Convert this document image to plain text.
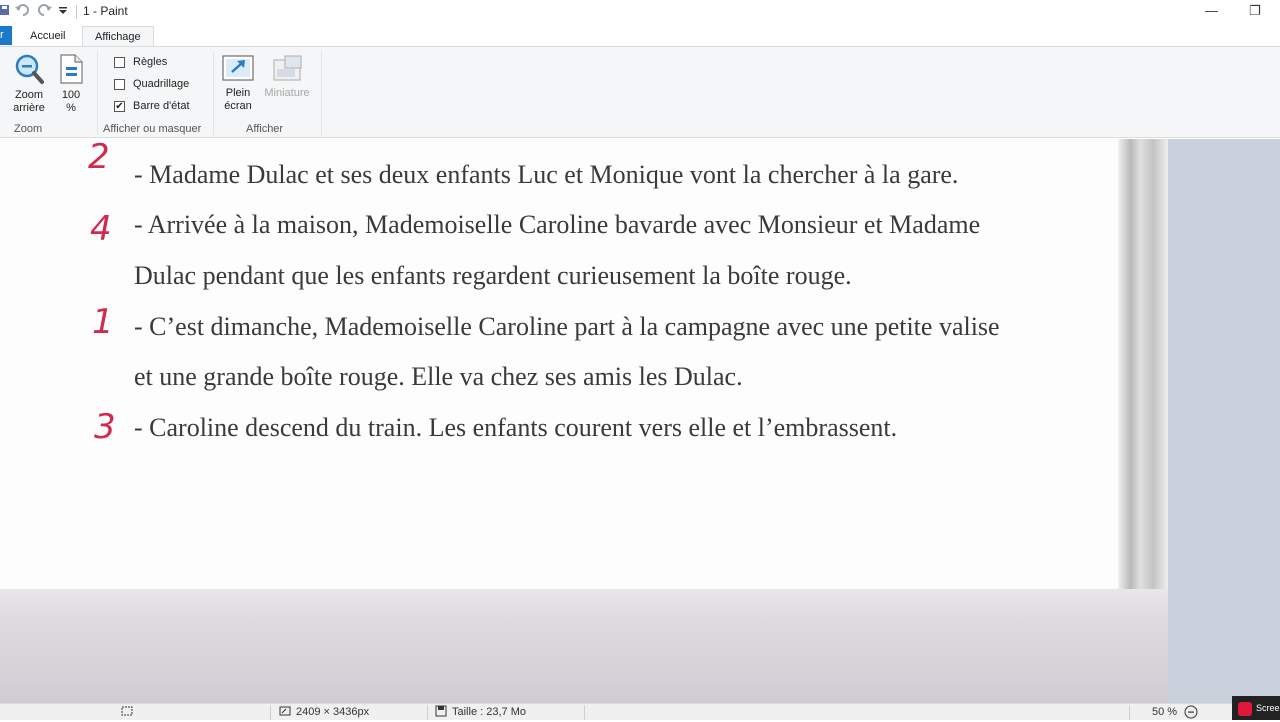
1 - Paint	— ❐
r	Accueil	Affichage
Zoom
arrière
100
%
Zoom
Règles
Quadrillage
✔ Barre d'état
Afficher ou masquer
Plein
écran
Miniature
Afficher
2 - Madame Dulac et ses deux enfants Luc et Monique vont la chercher à la gare.
4 - Arrivée à la maison, Mademoiselle Caroline bavarde avec Monsieur et Madame
Dulac pendant que les enfants regardent curieusement la boîte rouge.
1 - C’est dimanche, Mademoiselle Caroline part à la campagne avec une petite valise
et une grande boîte rouge. Elle va chez ses amis les Dulac.
3 - Caroline descend du train. Les enfants courent vers elle et l’embrassent.
2409 × 3436px	Taille : 23,7 Mo	50 %	Scree
